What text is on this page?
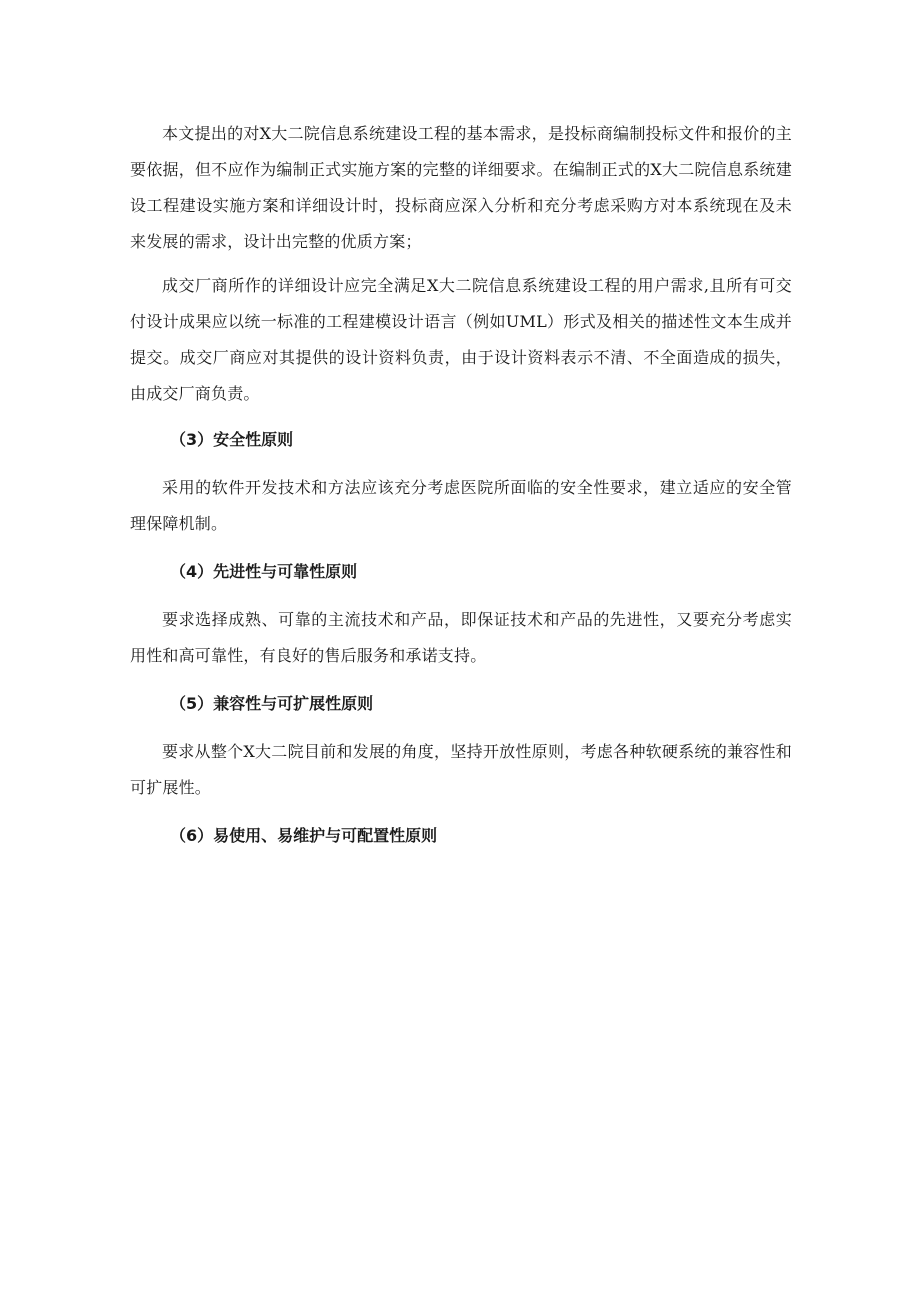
本文提出的对X大二院信息系统建设工程的基本需求，是投标商编制投标文件和报价的主要依据，但不应作为编制正式实施方案的完整的详细要求。在编制正式的X大二院信息系统建设工程建设实施方案和详细设计时，投标商应深入分析和充分考虑采购方对本系统现在及未来发展的需求，设计出完整的优质方案；

成交厂商所作的详细设计应完全满足X大二院信息系统建设工程的用户需求,且所有可交付设计成果应以统一标准的工程建模设计语言（例如UML）形式及相关的描述性文本生成并提交。成交厂商应对其提供的设计资料负责，由于设计资料表示不清、不全面造成的损失，由成交厂商负责。

（3）安全性原则

采用的软件开发技术和方法应该充分考虑医院所面临的安全性要求，建立适应的安全管理保障机制。

（4）先进性与可靠性原则

要求选择成熟、可靠的主流技术和产品，即保证技术和产品的先进性，又要充分考虑实用性和高可靠性，有良好的售后服务和承诺支持。

（5）兼容性与可扩展性原则

要求从整个X大二院目前和发展的角度，坚持开放性原则，考虑各种软硬系统的兼容性和可扩展性。

（6）易使用、易维护与可配置性原则
